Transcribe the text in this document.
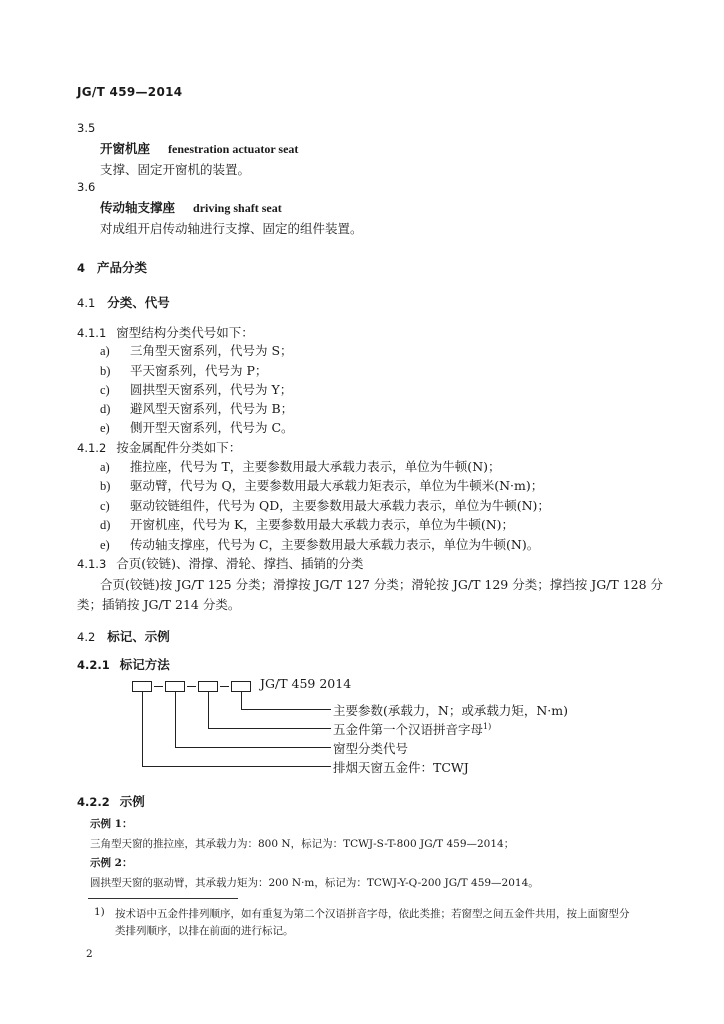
JG/T 459—2014
3.5
开窗机座 fenestration actuator seat
支撑、固定开窗机的装置。
3.6
传动轴支撑座 driving shaft seat
对成组开启传动轴进行支撑、固定的组件装置。
4 产品分类
4.1 分类、代号
4.1.1 窗型结构分类代号如下：
a) 三角型天窗系列，代号为 S；
b) 平天窗系列，代号为 P；
c) 圆拱型天窗系列，代号为 Y；
d) 避风型天窗系列，代号为 B；
e) 侧开型天窗系列，代号为 C。
4.1.2 按金属配件分类如下：
a) 推拉座，代号为 T，主要参数用最大承载力表示，单位为牛顿(N)；
b) 驱动臂，代号为 Q，主要参数用最大承载力矩表示，单位为牛顿米(N·m)；
c) 驱动铰链组件，代号为 QD，主要参数用最大承载力表示，单位为牛顿(N)；
d) 开窗机座，代号为 K，主要参数用最大承载力表示，单位为牛顿(N)；
e) 传动轴支撑座，代号为 C，主要参数用最大承载力表示，单位为牛顿(N)。
4.1.3 合页(铰链)、滑撑、滑轮、撑挡、插销的分类
合页(铰链)按 JG/T 125 分类；滑撑按 JG/T 127 分类；滑轮按 JG/T 129 分类；撑挡按 JG/T 128 分
类；插销按 JG/T 214 分类。
4.2 标记、示例
4.2.1 标记方法
JG/T 459 2014
主要参数(承载力，N；或承载力矩，N·m)
五金件第一个汉语拼音字母$^{1)}$
窗型分类代号
排烟天窗五金件：TCWJ
4.2.2 示例
示例 1：
三角型天窗的推拉座，其承载力为：800 N，标记为：TCWJ-S-T-800 JG/T 459—2014；
示例 2：
圆拱型天窗的驱动臂，其承载力矩为：200 N·m，标记为：TCWJ-Y-Q-200 JG/T 459—2014。
1) 按术语中五金件排列顺序，如有重复为第二个汉语拼音字母，依此类推；若窗型之间五金件共用，按上面窗型分
类排列顺序，以排在前面的进行标记。
2
